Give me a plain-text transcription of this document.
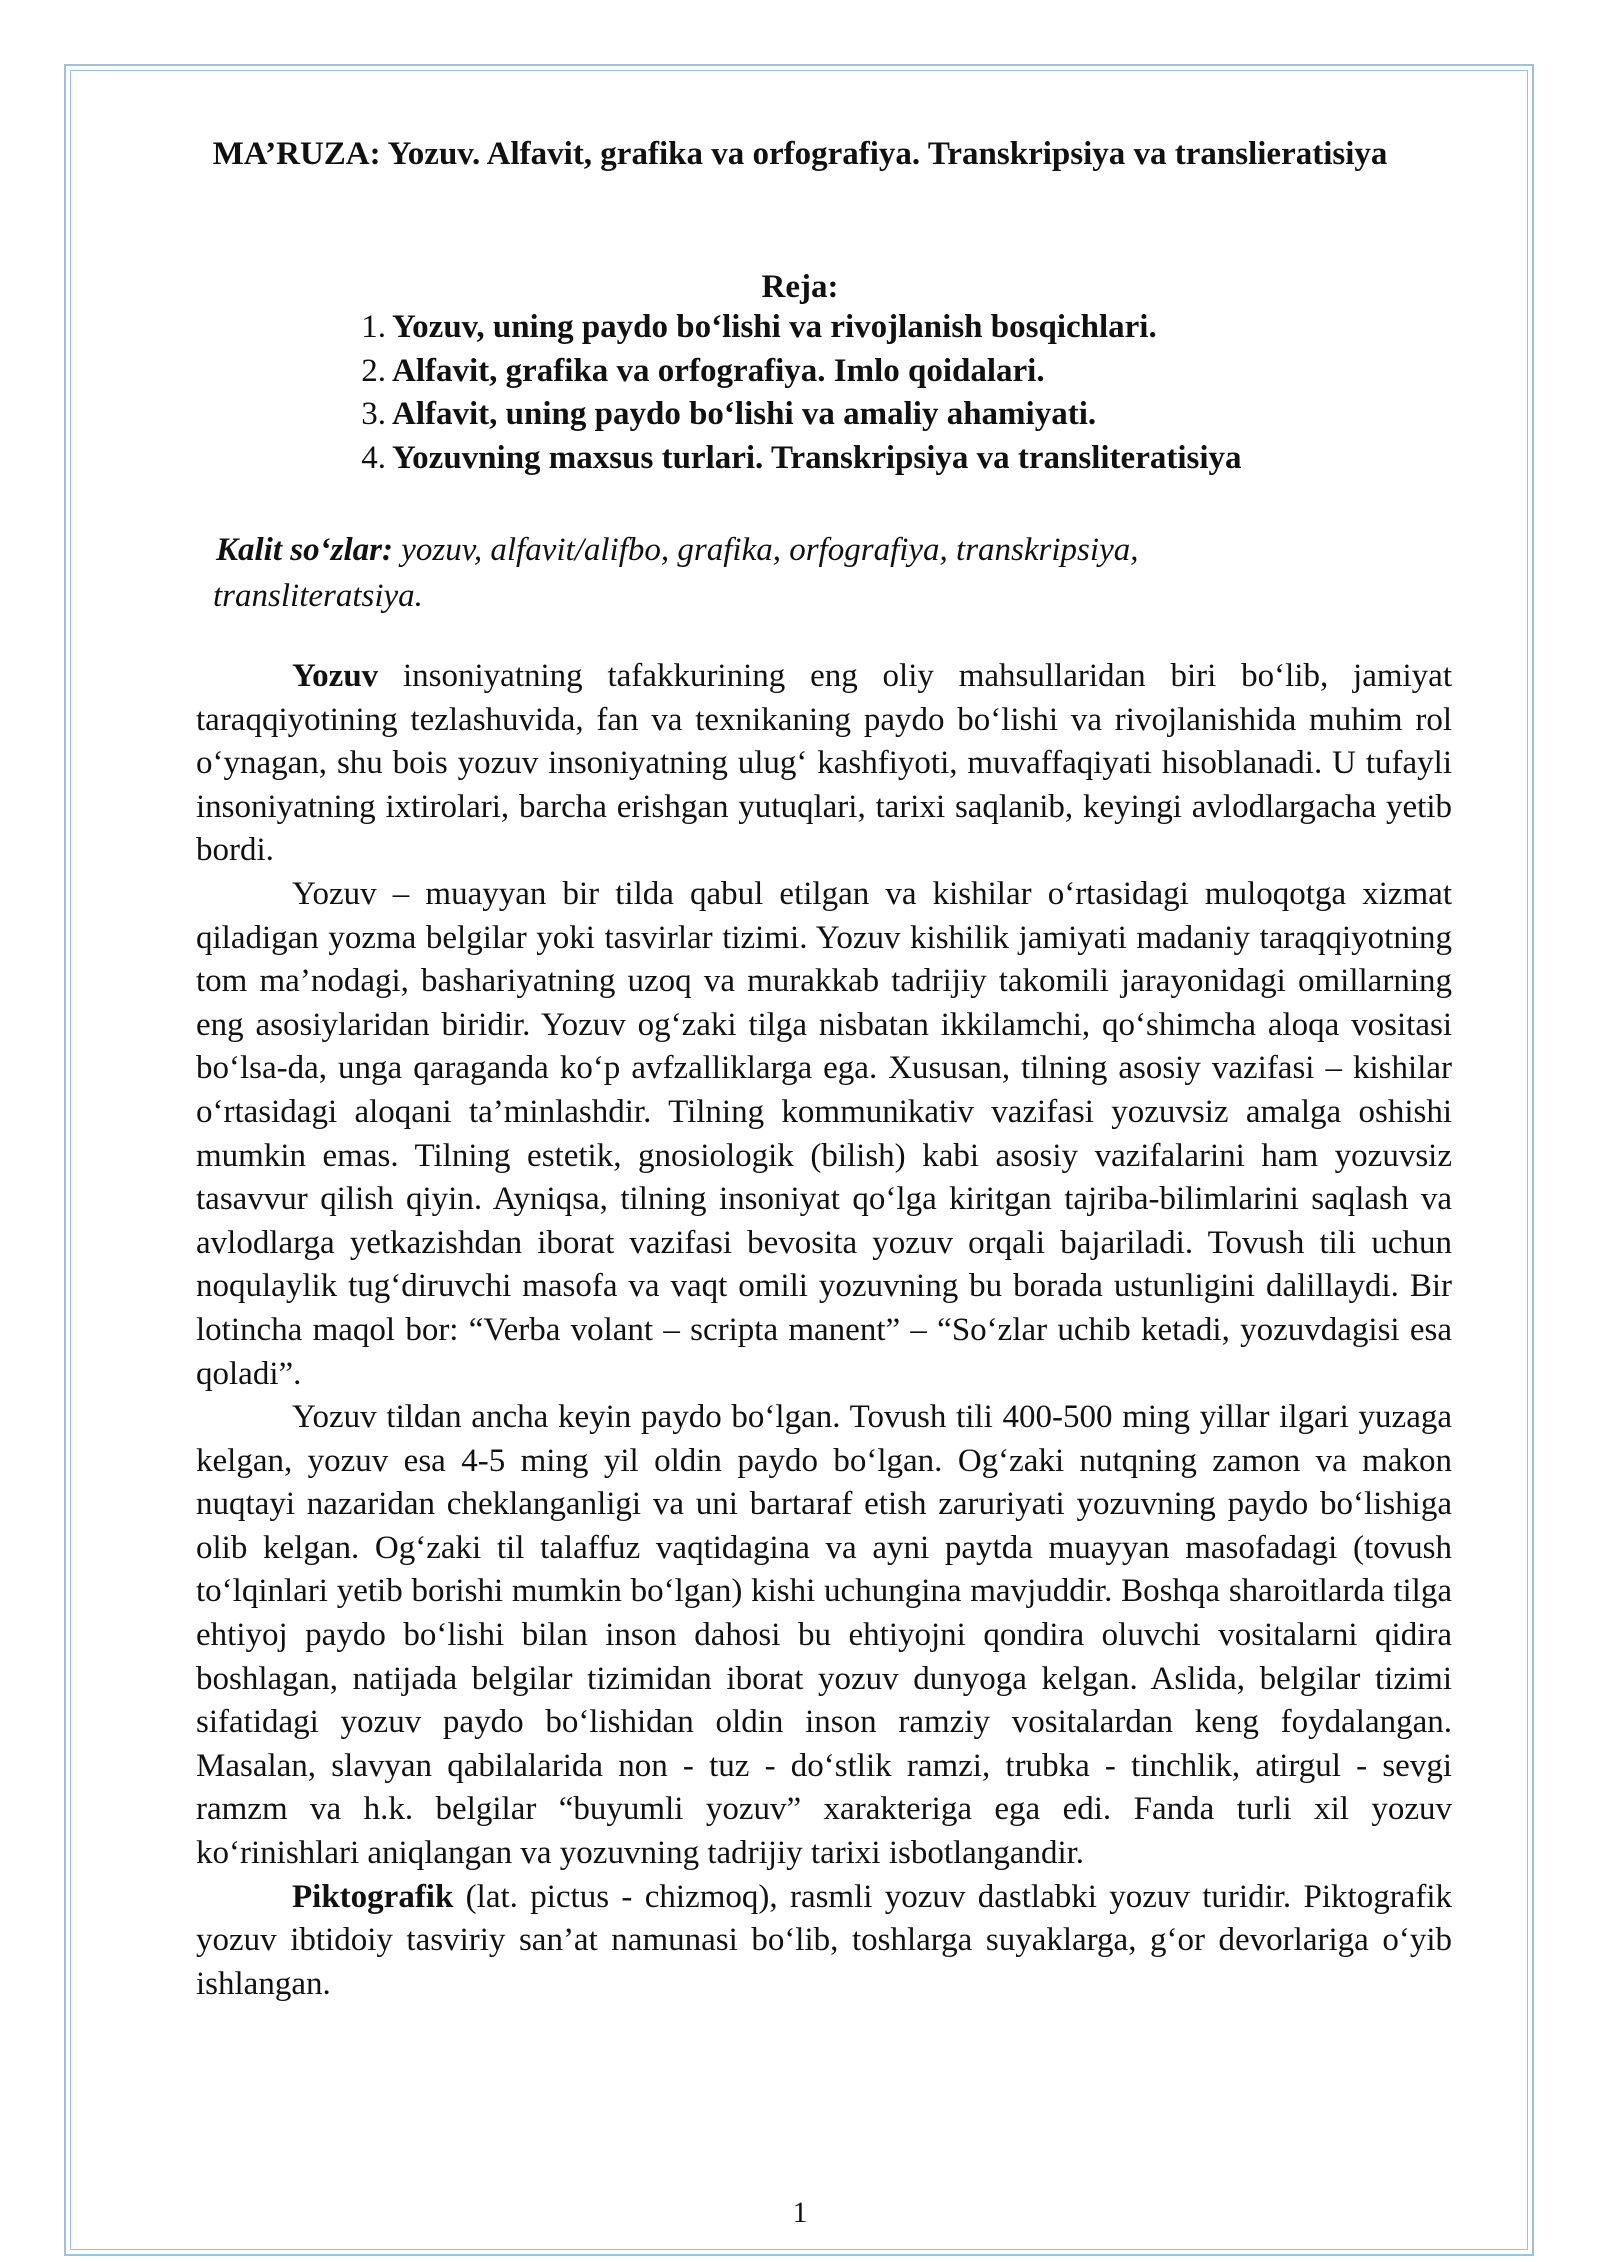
MA’RUZA: Yozuv. Alfavit, grafika va orfografiya. Transkripsiya va translieratisiya
Reja:
1. Yozuv, uning paydo bo‘lishi va rivojlanish bosqichlari.
2. Alfavit, grafika va orfografiya. Imlo qoidalari.
3. Alfavit, uning paydo bo‘lishi va amaliy ahamiyati.
4. Yozuvning maxsus turlari. Transkripsiya va transliteratisiya
Kalit so‘zlar: yozuv, alfavit/alifbo, grafika, orfografiya, transkripsiya,
transliteratsiya.

Yozuv insoniyatning tafakkurining eng oliy mahsullaridan biri bo‘lib, jamiyat taraqqiyotining tezlashuvida, fan va texnikaning paydo bo‘lishi va rivojlanishida muhim rol o‘ynagan, shu bois yozuv insoniyatning ulug‘ kashfiyoti, muvaffaqiyati hisoblanadi. U tufayli insoniyatning ixtirolari, barcha erishgan yutuqlari, tarixi saqlanib, keyingi avlodlargacha yetib bordi.

Yozuv – muayyan bir tilda qabul etilgan va kishilar o‘rtasidagi muloqotga xizmat qiladigan yozma belgilar yoki tasvirlar tizimi. Yozuv kishilik jamiyati madaniy taraqqiyotning tom ma’nodagi, bashariyatning uzoq va murakkab tadrijiy takomili jarayonidagi omillarning eng asosiylaridan biridir. Yozuv og‘zaki tilga nisbatan ikkilamchi, qo‘shimcha aloqa vositasi bo‘lsa-da, unga qaraganda ko‘p avfzalliklarga ega. Xususan, tilning asosiy vazifasi – kishilar o‘rtasidagi aloqani ta’minlashdir. Tilning kommunikativ vazifasi yozuvsiz amalga oshishi mumkin emas. Tilning estetik, gnosiologik (bilish) kabi asosiy vazifalarini ham yozuvsiz tasavvur qilish qiyin. Ayniqsa, tilning insoniyat qo‘lga kiritgan tajriba-bilimlarini saqlash va avlodlarga yetkazishdan iborat vazifasi bevosita yozuv orqali bajariladi. Tovush tili uchun noqulaylik tug‘diruvchi masofa va vaqt omili yozuvning bu borada ustunligini dalillaydi. Bir lotincha maqol bor: “Verba volant – scripta manent” – “So‘zlar uchib ketadi, yozuvdagisi esa qoladi”.

Yozuv tildan ancha keyin paydo bo‘lgan. Tovush tili 400-500 ming yillar ilgari yuzaga kelgan, yozuv esa 4-5 ming yil oldin paydo bo‘lgan. Og‘zaki nutqning zamon va makon nuqtayi nazaridan cheklanganligi va uni bartaraf etish zaruriyati yozuvning paydo bo‘lishiga olib kelgan. Og‘zaki til talaffuz vaqtidagina va ayni paytda muayyan masofadagi (tovush to‘lqinlari yetib borishi mumkin bo‘lgan) kishi uchungina mavjuddir. Boshqa sharoitlarda tilga ehtiyoj paydo bo‘lishi bilan inson dahosi bu ehtiyojni qondira oluvchi vositalarni qidira boshlagan, natijada belgilar tizimidan iborat yozuv dunyoga kelgan. Aslida, belgilar tizimi sifatidagi yozuv paydo bo‘lishidan oldin inson ramziy vositalardan keng foydalangan. Masalan, slavyan qabilalarida non - tuz - do‘stlik ramzi, trubka - tinchlik, atirgul - sevgi ramzm va h.k. belgilar “buyumli yozuv” xarakteriga ega edi. Fanda turli xil yozuv ko‘rinishlari aniqlangan va yozuvning tadrijiy tarixi isbotlangandir.

Piktografik (lat. pictus - chizmoq), rasmli yozuv dastlabki yozuv turidir. Piktografik yozuv ibtidoiy tasviriy san’at namunasi bo‘lib, toshlarga suyaklarga, g‘or devorlariga o‘yib ishlangan.

1
